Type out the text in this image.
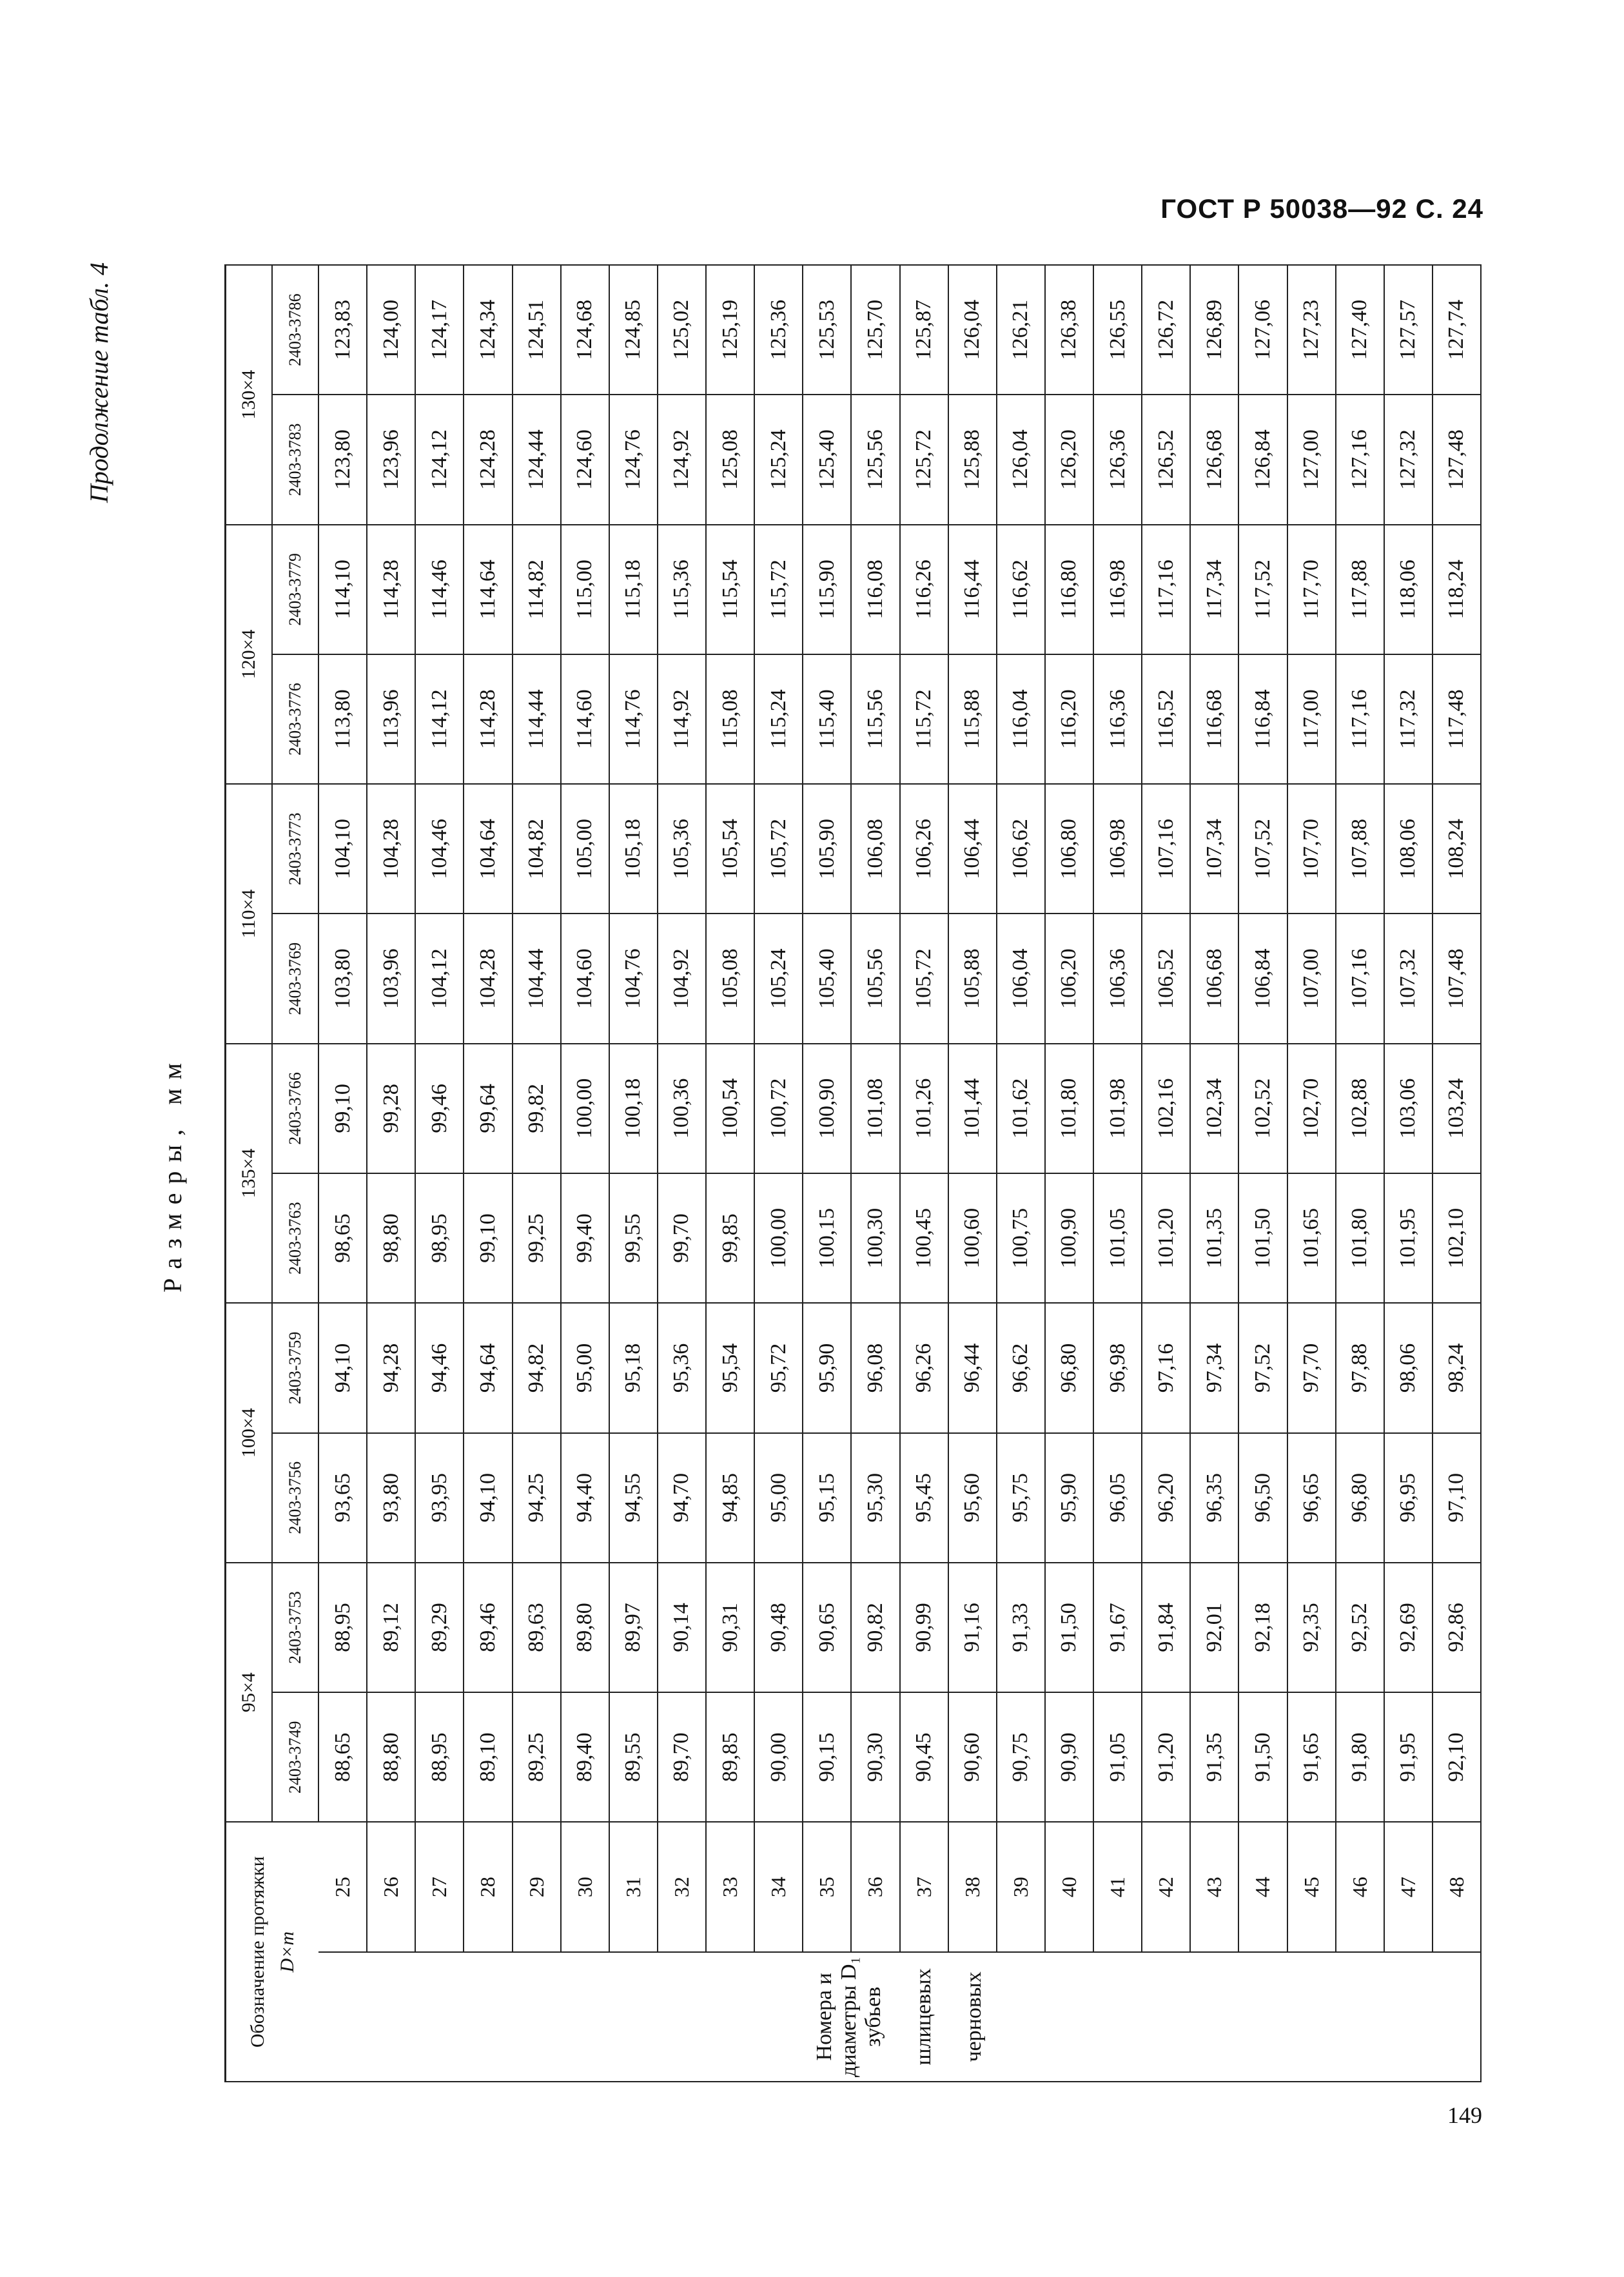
ГОСТ Р 50038—92 С. 24
Продолжение табл. 4
Размеры, мм
Обозначение протяжки D×m		95×4		100×4		135×4		110×4		120×4		130×4	
		2403-3749	2403-3753	2403-3756	2403-3759	2403-3763	2403-3766	2403-3769	2403-3773	2403-3776	2403-3779	2403-3783	2403-3786

Номера и диаметры D₁ зубьев шлицевых черновых	25	88,65	88,95	93,65	94,10	98,65	99,10	103,80	104,10	113,80	114,10	123,80	123,83
	26	88,80	89,12	93,80	94,28	98,80	99,28	103,96	104,28	113,96	114,28	123,96	124,00
	27	88,95	89,29	93,95	94,46	98,95	99,46	104,12	104,46	114,12	114,46	124,12	124,17
	28	89,10	89,46	94,10	94,64	99,10	99,64	104,28	104,64	114,28	114,64	124,28	124,34
	29	89,25	89,63	94,25	94,82	99,25	99,82	104,44	104,82	114,44	114,82	124,44	124,51
	30	89,40	89,80	94,40	95,00	99,40	100,00	104,60	105,00	114,60	115,00	124,60	124,68
	31	89,55	89,97	94,55	95,18	99,55	100,18	104,76	105,18	114,76	115,18	124,76	124,85
	32	89,70	90,14	94,70	95,36	99,70	100,36	104,92	105,36	114,92	115,36	124,92	125,02
	33	89,85	90,31	94,85	95,54	99,85	100,54	105,08	105,54	115,08	115,54	125,08	125,19
	34	90,00	90,48	95,00	95,72	100,00	100,72	105,24	105,72	115,24	115,72	125,24	125,36
	35	90,15	90,65	95,15	95,90	100,15	100,90	105,40	105,90	115,40	115,90	125,40	125,53
	36	90,30	90,82	95,30	96,08	100,30	101,08	105,56	106,08	115,56	116,08	125,56	125,70
	37	90,45	90,99	95,45	96,26	100,45	101,26	105,72	106,26	115,72	116,26	125,72	125,87
	38	90,60	91,16	95,60	96,44	100,60	101,44	105,88	106,44	115,88	116,44	125,88	126,04
	39	90,75	91,33	95,75	96,62	100,75	101,62	106,04	106,62	116,04	116,62	126,04	126,21
	40	90,90	91,50	95,90	96,80	100,90	101,80	106,20	106,80	116,20	116,80	126,20	126,38
	41	91,05	91,67	96,05	96,98	101,05	101,98	106,36	106,98	116,36	116,98	126,36	126,55
	42	91,20	91,84	96,20	97,16	101,20	102,16	106,52	107,16	116,52	117,16	126,52	126,72
	43	91,35	92,01	96,35	97,34	101,35	102,34	106,68	107,34	116,68	117,34	126,68	126,89
	44	91,50	92,18	96,50	97,52	101,50	102,52	106,84	107,52	116,84	117,52	126,84	127,06
	45	91,65	92,35	96,65	97,70	101,65	102,70	107,00	107,70	117,00	117,70	127,00	127,23
	46	91,80	92,52	96,80	97,88	101,80	102,88	107,16	107,88	117,16	117,88	127,16	127,40
	47	91,95	92,69	96,95	98,06	101,95	103,06	107,32	108,06	117,32	118,06	127,32	127,57
	48	92,10	92,86	97,10	98,24	102,10	103,24	107,48	108,24	117,48	118,24	127,48	127,74
149
